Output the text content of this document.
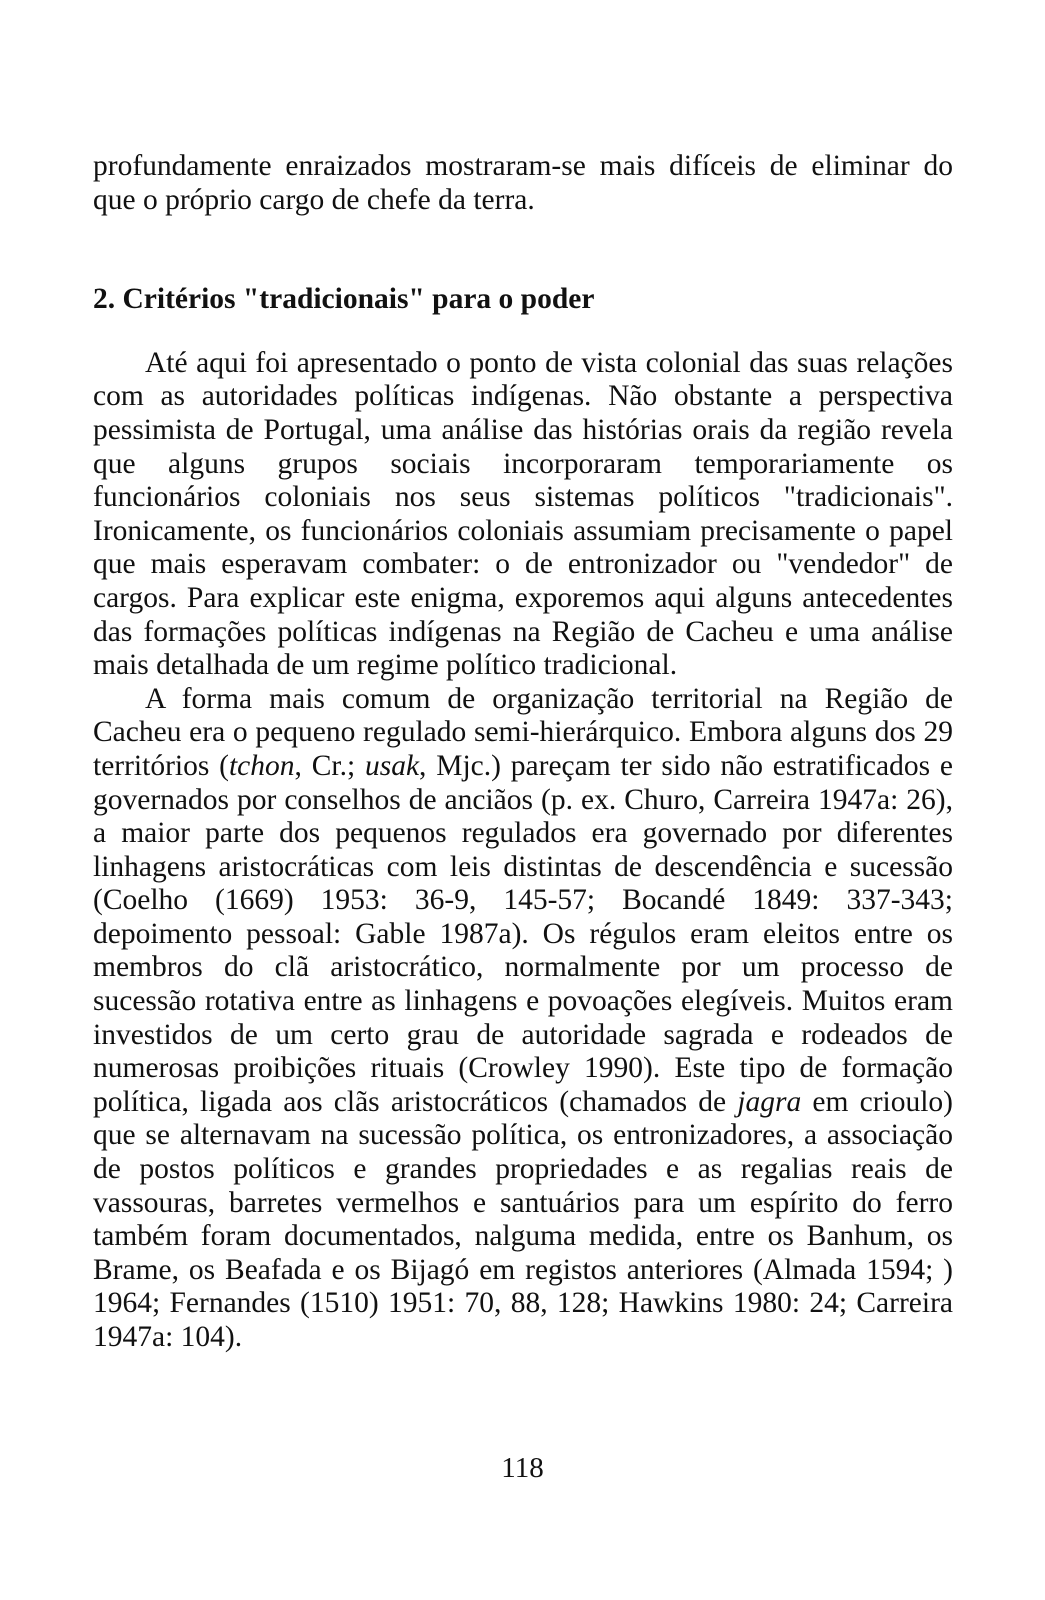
profundamente enraizados mostraram-se mais difíceis de eliminar do que o próprio cargo de chefe da terra.

2. Critérios "tradicionais" para o poder

Até aqui foi apresentado o ponto de vista colonial das suas relações com as autoridades políticas indígenas. Não obstante a perspectiva pessimista de Portugal, uma análise das histórias orais da região revela que alguns grupos sociais incorporaram temporariamente os funcionários coloniais nos seus sistemas políticos "tradicionais". Ironicamente, os funcionários coloniais assumiam precisamente o papel que mais esperavam combater: o de entronizador ou "vendedor" de cargos. Para explicar este enigma, exporemos aqui alguns antecedentes das formações políticas indígenas na Região de Cacheu e uma análise mais detalhada de um regime político tradicional.

A forma mais comum de organização territorial na Região de Cacheu era o pequeno regulado semi-hierárquico. Embora alguns dos 29 territórios (tchon, Cr.; usak, Mjc.) pareçam ter sido não estratificados e governados por conselhos de anciãos (p. ex. Churo, Carreira 1947a: 26), a maior parte dos pequenos regulados era governado por diferentes linhagens aristocráticas com leis distintas de descendência e sucessão (Coelho (1669) 1953: 36-9, 145-57; Bocandé 1849: 337-343; depoimento pessoal: Gable 1987a). Os régulos eram eleitos entre os membros do clã aristocrático, normalmente por um processo de sucessão rotativa entre as linhagens e povoações elegíveis. Muitos eram investidos de um certo grau de autoridade sagrada e rodeados de numerosas proibições rituais (Crowley 1990). Este tipo de formação política, ligada aos clãs aristocráticos (chamados de jagra em crioulo) que se alternavam na sucessão política, os entronizadores, a associação de postos políticos e grandes propriedades e as regalias reais de vassouras, barretes vermelhos e santuários para um espírito do ferro também foram documentados, nalguma medida, entre os Banhum, os Brame, os Beafada e os Bijagó em registos anteriores (Almada 1594; ) 1964; Fernandes (1510) 1951: 70, 88, 128; Hawkins 1980: 24; Carreira 1947a: 104).

118
